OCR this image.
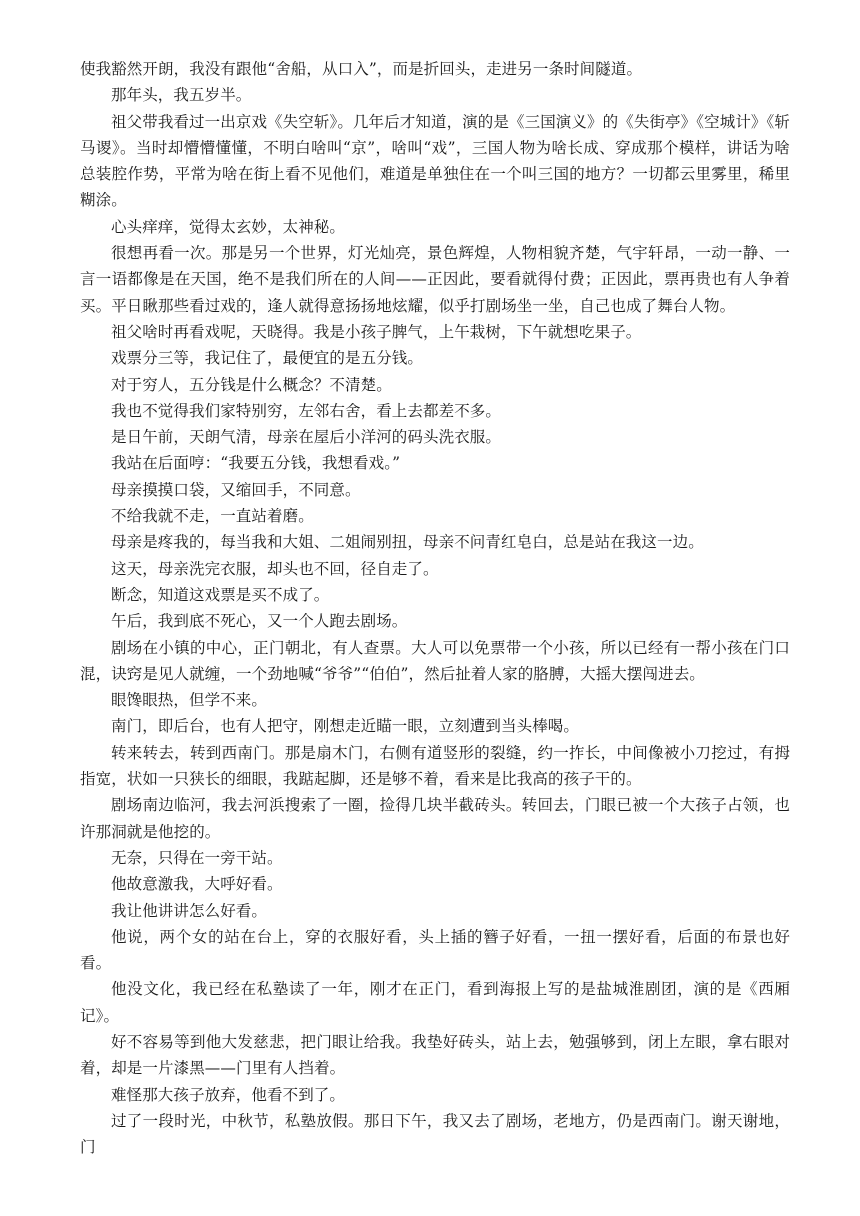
使我豁然开朗，我没有跟他“舍船，从口入”，而是折回头，走进另一条时间隧道。

那年头，我五岁半。

祖父带我看过一出京戏《失空斩》。几年后才知道，演的是《三国演义》的《失街亭》《空城计》《斩马谡》。当时却懵懵懂懂，不明白啥叫“京”，啥叫“戏”，三国人物为啥长成、穿成那个模样，讲话为啥总装腔作势，平常为啥在街上看不见他们，难道是单独住在一个叫三国的地方？一切都云里雾里，稀里糊涂。

心头痒痒，觉得太玄妙，太神秘。

很想再看一次。那是另一个世界，灯光灿亮，景色辉煌，人物相貌齐楚，气宇轩昂，一动一静、一言一语都像是在天国，绝不是我们所在的人间——正因此，要看就得付费；正因此，票再贵也有人争着买。平日瞅那些看过戏的，逢人就得意扬扬地炫耀，似乎打剧场坐一坐，自己也成了舞台人物。

祖父啥时再看戏呢，天晓得。我是小孩子脾气，上午栽树，下午就想吃果子。

戏票分三等，我记住了，最便宜的是五分钱。

对于穷人，五分钱是什么概念？不清楚。

我也不觉得我们家特别穷，左邻右舍，看上去都差不多。

是日午前，天朗气清，母亲在屋后小洋河的码头洗衣服。

我站在后面哼：“我要五分钱，我想看戏。”

母亲摸摸口袋，又缩回手，不同意。

不给我就不走，一直站着磨。

母亲是疼我的，每当我和大姐、二姐闹别扭，母亲不问青红皂白，总是站在我这一边。

这天，母亲洗完衣服，却头也不回，径自走了。

断念，知道这戏票是买不成了。

午后，我到底不死心，又一个人跑去剧场。

剧场在小镇的中心，正门朝北，有人查票。大人可以免票带一个小孩，所以已经有一帮小孩在门口混，诀窍是见人就缠，一个劲地喊“爷爷”“伯伯”，然后扯着人家的胳膊，大摇大摆闯进去。

眼馋眼热，但学不来。

南门，即后台，也有人把守，刚想走近瞄一眼，立刻遭到当头棒喝。

转来转去，转到西南门。那是扇木门，右侧有道竖形的裂缝，约一拃长，中间像被小刀挖过，有拇指宽，状如一只狭长的细眼，我踮起脚，还是够不着，看来是比我高的孩子干的。

剧场南边临河，我去河浜搜索了一圈，捡得几块半截砖头。转回去，门眼已被一个大孩子占领，也许那洞就是他挖的。

无奈，只得在一旁干站。

他故意激我，大呼好看。

我让他讲讲怎么好看。

他说，两个女的站在台上，穿的衣服好看，头上插的簪子好看，一扭一摆好看，后面的布景也好看。

他没文化，我已经在私塾读了一年，刚才在正门，看到海报上写的是盐城淮剧团，演的是《西厢记》。

好不容易等到他大发慈悲，把门眼让给我。我垫好砖头，站上去，勉强够到，闭上左眼，拿右眼对着，却是一片漆黑——门里有人挡着。

难怪那大孩子放弃，他看不到了。

过了一段时光，中秋节，私塾放假。那日下午，我又去了剧场，老地方，仍是西南门。谢天谢地，门
